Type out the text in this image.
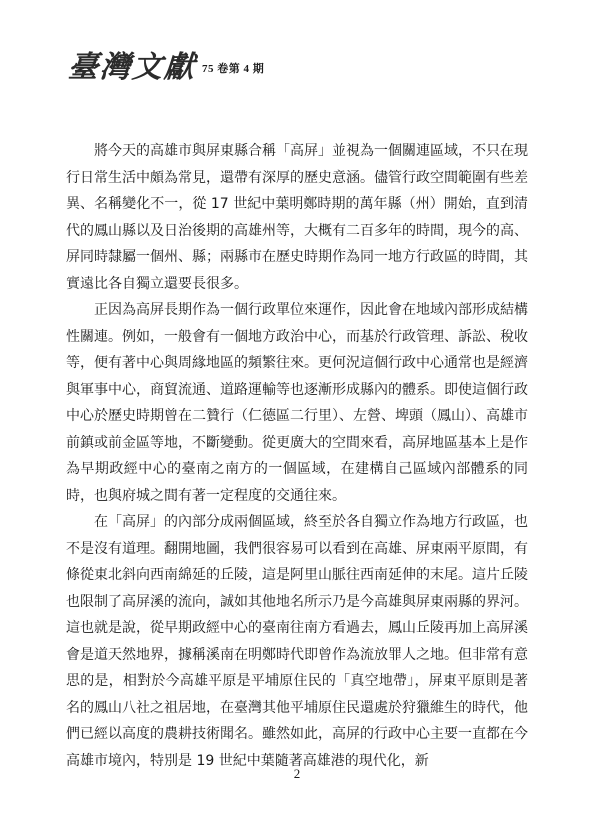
臺灣文獻 75 卷第 4 期

將今天的高雄市與屏東縣合稱「高屏」並視為一個關連區域，不只在現行日常生活中頗為常見，還帶有深厚的歷史意涵。儘管行政空間範圍有些差異、名稱變化不一，從 17 世紀中葉明鄭時期的萬年縣（州）開始，直到清代的鳳山縣以及日治後期的高雄州等，大概有二百多年的時間，現今的高、屏同時隸屬一個州、縣；兩縣市在歷史時期作為同一地方行政區的時間，其實遠比各自獨立還要長很多。

正因為高屏長期作為一個行政單位來運作，因此會在地域內部形成結構性關連。例如，一般會有一個地方政治中心，而基於行政管理、訴訟、稅收等，便有著中心與周緣地區的頻繁往來。更何況這個行政中心通常也是經濟與軍事中心，商貿流通、道路運輸等也逐漸形成縣內的體系。即使這個行政中心於歷史時期曾在二贊行（仁德區二行里）、左營、埤頭（鳳山）、高雄市前鎮或前金區等地，不斷變動。從更廣大的空間來看，高屏地區基本上是作為早期政經中心的臺南之南方的一個區域，在建構自己區域內部體系的同時，也與府城之間有著一定程度的交通往來。

在「高屏」的內部分成兩個區域，終至於各自獨立作為地方行政區，也不是沒有道理。翻開地圖，我們很容易可以看到在高雄、屏東兩平原間，有條從東北斜向西南綿延的丘陵，這是阿里山脈往西南延伸的末尾。這片丘陵也限制了高屏溪的流向，誠如其他地名所示乃是今高雄與屏東兩縣的界河。這也就是說，從早期政經中心的臺南往南方看過去，鳳山丘陵再加上高屏溪會是道天然地界，據稱溪南在明鄭時代即曾作為流放罪人之地。但非常有意思的是，相對於今高雄平原是平埔原住民的「真空地帶」，屏東平原則是著名的鳳山八社之祖居地，在臺灣其他平埔原住民還處於狩獵維生的時代，他們已經以高度的農耕技術聞名。雖然如此，高屏的行政中心主要一直都在今高雄市境內，特別是 19 世紀中葉隨著高雄港的現代化，新

2
